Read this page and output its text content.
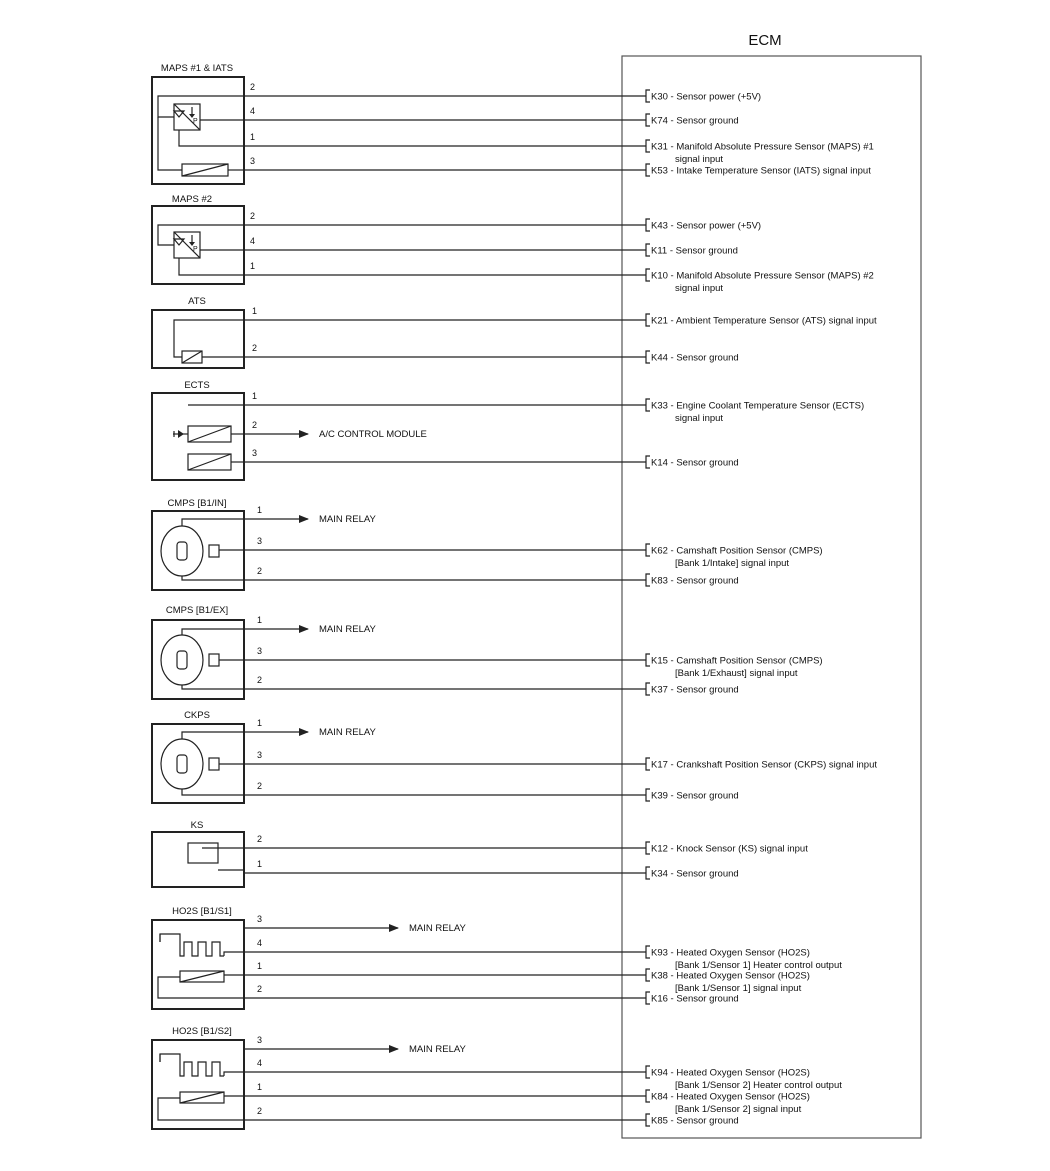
ECM
MAPS #1 & IATS
P
2
K30 - Sensor power (+5V)
4
K74 - Sensor ground
1
K31 - Manifold Absolute Pressure Sensor (MAPS) #1
signal input
3
K53 - Intake Temperature Sensor (IATS) signal input
MAPS #2
P
2
K43 - Sensor power (+5V)
4
K11 - Sensor ground
1
K10 - Manifold Absolute Pressure Sensor (MAPS) #2
signal input
ATS
1
K21 - Ambient Temperature Sensor (ATS) signal input
2
K44 - Sensor ground
ECTS
1
K33 - Engine Coolant Temperature Sensor (ECTS)
signal input
2
A/C CONTROL MODULE
3
K14 - Sensor ground
CMPS [B1/IN]
1
MAIN RELAY
3
K62 - Camshaft Position Sensor (CMPS)
[Bank 1/Intake] signal input
2
K83 - Sensor ground
CMPS [B1/EX]
1
MAIN RELAY
3
K15 - Camshaft Position Sensor (CMPS)
[Bank 1/Exhaust] signal input
2
K37 - Sensor ground
CKPS
1
MAIN RELAY
3
K17 - Crankshaft Position Sensor (CKPS) signal input
2
K39 - Sensor ground
KS
2
K12 - Knock Sensor (KS) signal input
1
K34 - Sensor ground
HO2S [B1/S1]
3
MAIN RELAY
4
K93 - Heated Oxygen Sensor (HO2S)
[Bank 1/Sensor 1] Heater control output
1
K38 - Heated Oxygen Sensor (HO2S)
[Bank 1/Sensor 1] signal input
2
K16 - Sensor ground
HO2S [B1/S2]
3
MAIN RELAY
4
K94 - Heated Oxygen Sensor (HO2S)
[Bank 1/Sensor 2] Heater control output
1
K84 - Heated Oxygen Sensor (HO2S)
[Bank 1/Sensor 2] signal input
2
K85 - Sensor ground
